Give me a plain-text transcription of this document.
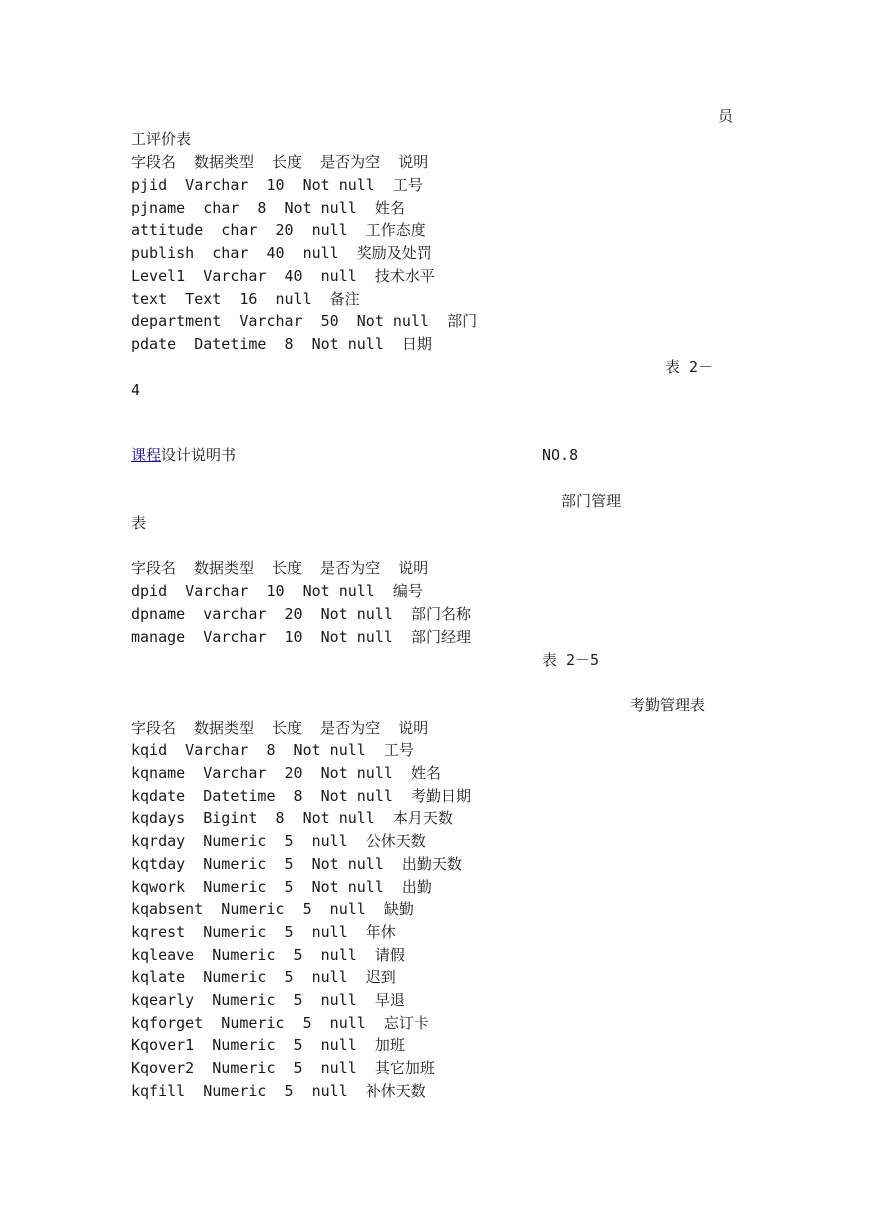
员
工评价表
字段名  数据类型  长度  是否为空  说明
pjid  Varchar  10  Not null  工号
pjname  char  8  Not null  姓名
attitude  char  20  null  工作态度
publish  char  40  null  奖励及处罚
Level1  Varchar  40  null  技术水平
text  Text  16  null  备注
department  Varchar  50  Not null  部门
pdate  Datetime  8  Not null  日期
表 2－
4
课程设计说明书	NO.8
部门管理
表
字段名  数据类型  长度  是否为空  说明
dpid  Varchar  10  Not null  编号
dpname  varchar  20  Not null  部门名称
manage  Varchar  10  Not null  部门经理
表 2－5
考勤管理表
字段名  数据类型  长度  是否为空  说明
kqid  Varchar  8  Not null  工号
kqname  Varchar  20  Not null  姓名
kqdate  Datetime  8  Not null  考勤日期
kqdays  Bigint  8  Not null  本月天数
kqrday  Numeric  5  null  公休天数
kqtday  Numeric  5  Not null  出勤天数
kqwork  Numeric  5  Not null  出勤
kqabsent  Numeric  5  null  缺勤
kqrest  Numeric  5  null  年休
kqleave  Numeric  5  null  请假
kqlate  Numeric  5  null  迟到
kqearly  Numeric  5  null  早退
kqforget  Numeric  5  null  忘订卡
Kqover1  Numeric  5  null  加班
Kqover2  Numeric  5  null  其它加班
kqfill  Numeric  5  null  补休天数
